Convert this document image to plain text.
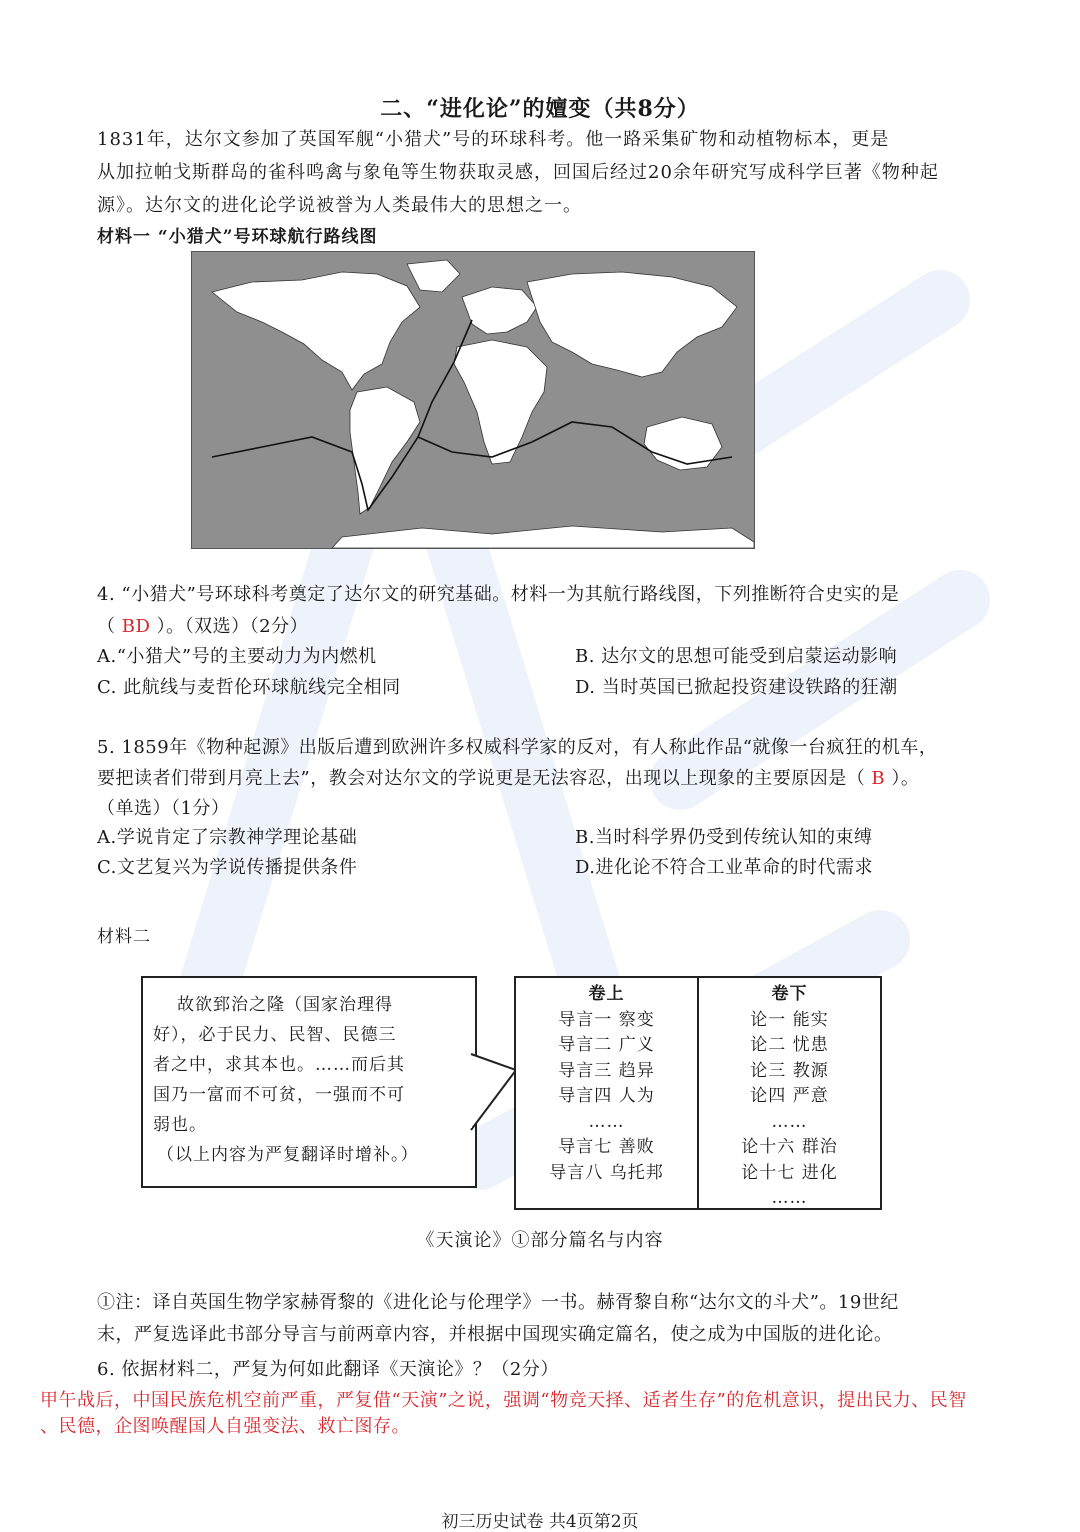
二、“进化论”的嬗变（共8分）
1831年，达尔文参加了英国军舰“小猎犬”号的环球科考。他一路采集矿物和动植物标本，更是
从加拉帕戈斯群岛的雀科鸣禽与象龟等生物获取灵感，回国后经过20余年研究写成科学巨著《物种起
源》。达尔文的进化论学说被誉为人类最伟大的思想之一。
材料一 “小猎犬”号环球航行路线图
4. “小猎犬”号环球科考奠定了达尔文的研究基础。材料一为其航行路线图，下列推断符合史实的是
（ BD ）。（双选）（2分）
A.“小猎犬”号的主要动力为内燃机	B. 达尔文的思想可能受到启蒙运动影响
C. 此航线与麦哲伦环球航线完全相同	D. 当时英国已掀起投资建设铁路的狂潮
5. 1859年《物种起源》出版后遭到欧洲许多权威科学家的反对，有人称此作品“就像一台疯狂的机车，
要把读者们带到月亮上去”，教会对达尔文的学说更是无法容忍，出现以上现象的主要原因是（ B ）。
（单选）（1分）
A.学说肯定了宗教神学理论基础	B.当时科学界仍受到传统认知的束缚
C.文艺复兴为学说传播提供条件	D.进化论不符合工业革命的时代需求
材料二
故欲郅治之隆（国家治理得
好），必于民力、民智、民德三
者之中，求其本也。……而后其
国乃一富而不可贫，一强而不可
弱也。
（以上内容为严复翻译时增补。）
卷上
导言一 察变
导言二 广义
导言三 趋异
导言四 人为
……
导言七 善败
导言八 乌托邦
卷下
论一 能实
论二 忧患
论三 教源
论四 严意
……
论十六 群治
论十七 进化
……
《天演论》①部分篇名与内容
①注：译自英国生物学家赫胥黎的《进化论与伦理学》一书。赫胥黎自称“达尔文的斗犬”。19世纪
末，严复选译此书部分导言与前两章内容，并根据中国现实确定篇名，使之成为中国版的进化论。
6. 依据材料二，严复为何如此翻译《天演论》？（2分）
甲午战后，中国民族危机空前严重，严复借“天演”之说，强调“物竞天择、适者生存”的危机意识，提出民力、民智
、民德，企图唤醒国人自强变法、救亡图存。
初三历史试卷 共4页第2页
